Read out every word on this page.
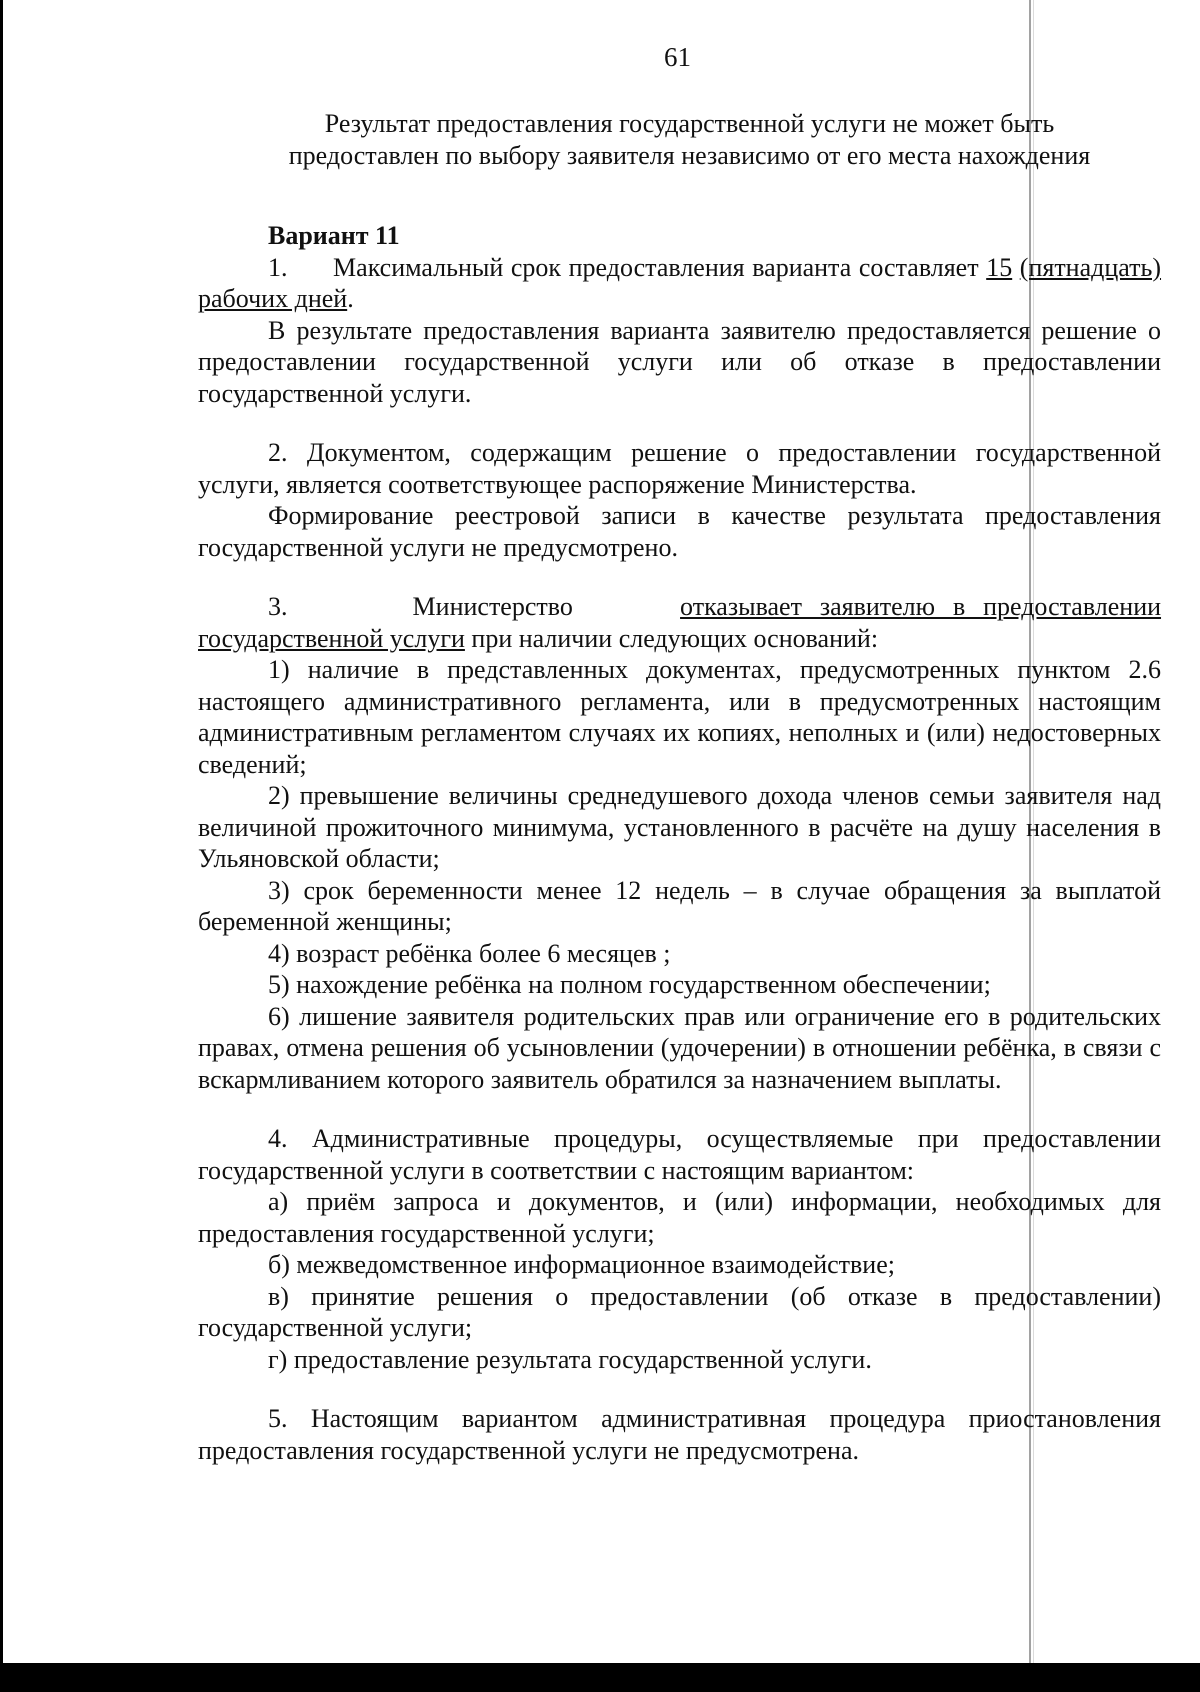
61

Результат предоставления государственной услуги не может быть

предоставлен по выбору заявителя независимо от его места нахождения

Вариант 11

1. Максимальный срок предоставления варианта составляет 15 (пятнадцать) рабочих дней.

В результате предоставления варианта заявителю предоставляется решение о предоставлении государственной услуги или об отказе в предоставлении государственной услуги.

2. Документом, содержащим решение о предоставлении государственной услуги, является соответствующее распоряжение Министерства.

Формирование реестровой записи в качестве результата предоставления государственной услуги не предусмотрено.

3.	Министерство	отказывает заявителю в предоставлении государственной услуги при наличии следующих оснований:

1) наличие в представленных документах, предусмотренных пунктом 2.6 настоящего административного регламента, или в предусмотренных настоящим административным регламентом случаях их копиях, неполных и (или) недостоверных сведений;

2) превышение величины среднедушевого дохода членов семьи заявителя над величиной прожиточного минимума, установленного в расчёте на душу населения в Ульяновской области;

3) срок беременности менее 12 недель – в случае обращения за выплатой беременной женщины;

4) возраст ребёнка более 6 месяцев ;

5) нахождение ребёнка на полном государственном обеспечении;

6) лишение заявителя родительских прав или ограничение его в родительских правах, отмена решения об усыновлении (удочерении) в отношении ребёнка, в связи с вскармливанием которого заявитель обратился за назначением выплаты.

4. Административные процедуры, осуществляемые при предоставлении государственной услуги в соответствии с настоящим вариантом:

а) приём запроса и документов, и (или) информации, необходимых для предоставления государственной услуги;

б) межведомственное информационное взаимодействие;

в) принятие решения о предоставлении (об отказе в предоставлении) государственной услуги;

г) предоставление результата государственной услуги.

5. Настоящим вариантом административная процедура приостановления предоставления государственной услуги не предусмотрена.
